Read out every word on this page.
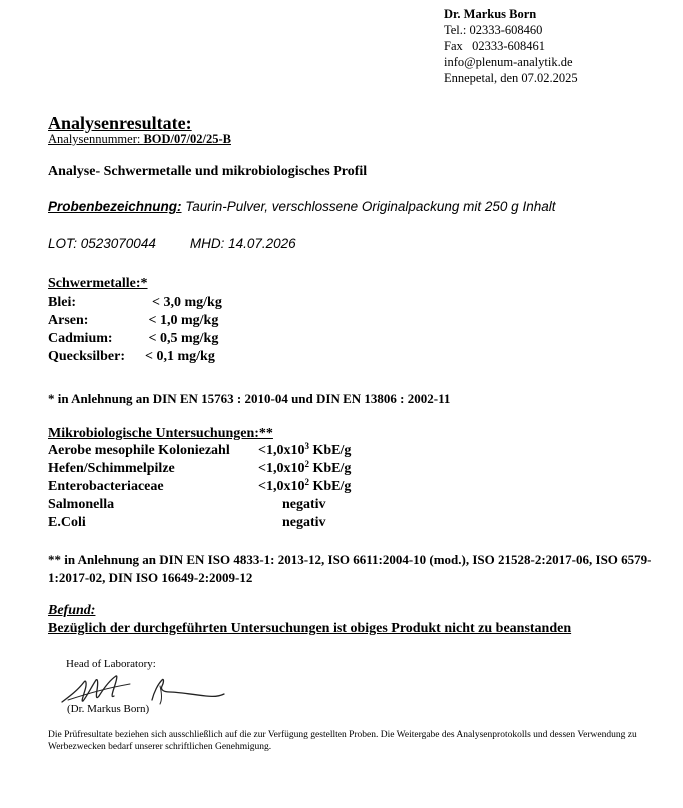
Dr. Markus Born
Tel.: 02333-608460
Fax   02333-608461
info@plenum-analytik.de
Ennepetal, den 07.02.2025
Analysenresultate:
Analysennummer: BOD/07/02/25-B
Analyse- Schwermetalle und mikrobiologisches Profil
Probenbezeichnung: Taurin-Pulver, verschlossene Originalpackung mit 250 g Inhalt
LOT: 0523070044	MHD: 14.07.2026
Schwermetalle:*
Blei:	< 3,0 mg/kg
Arsen:	< 1,0 mg/kg
Cadmium: < 0,5 mg/kg
Quecksilber: < 0,1 mg/kg
* in Anlehnung an DIN EN 15763 : 2010-04 und DIN EN 13806 : 2002-11
Mikrobiologische Untersuchungen:**
Aerobe mesophile Koloniezahl $<1,0x10^3$ KbE/g
Hefen/Schimmelpilze	$<1,0x10^2$ KbE/g
Enterobacteriaceae	$<1,0x10^2$ KbE/g
Salmonella	negativ
E.Coli	negativ
** in Anlehnung an DIN EN ISO 4833-1: 2013-12, ISO 6611:2004-10 (mod.), ISO 21528-2:2017-06, ISO 6579-1:2017-02, DIN ISO 16649-2:2009-12
Befund:
Bezüglich der durchgeführten Untersuchungen ist obiges Produkt nicht zu beanstanden
Head of Laboratory:
(Dr. Markus Born)
Die Prüfresultate beziehen sich ausschließlich auf die zur Verfügung gestellten Proben. Die Weitergabe des Analysenprotokolls und dessen Verwendung zu Werbezwecken bedarf unserer schriftlichen Genehmigung.
